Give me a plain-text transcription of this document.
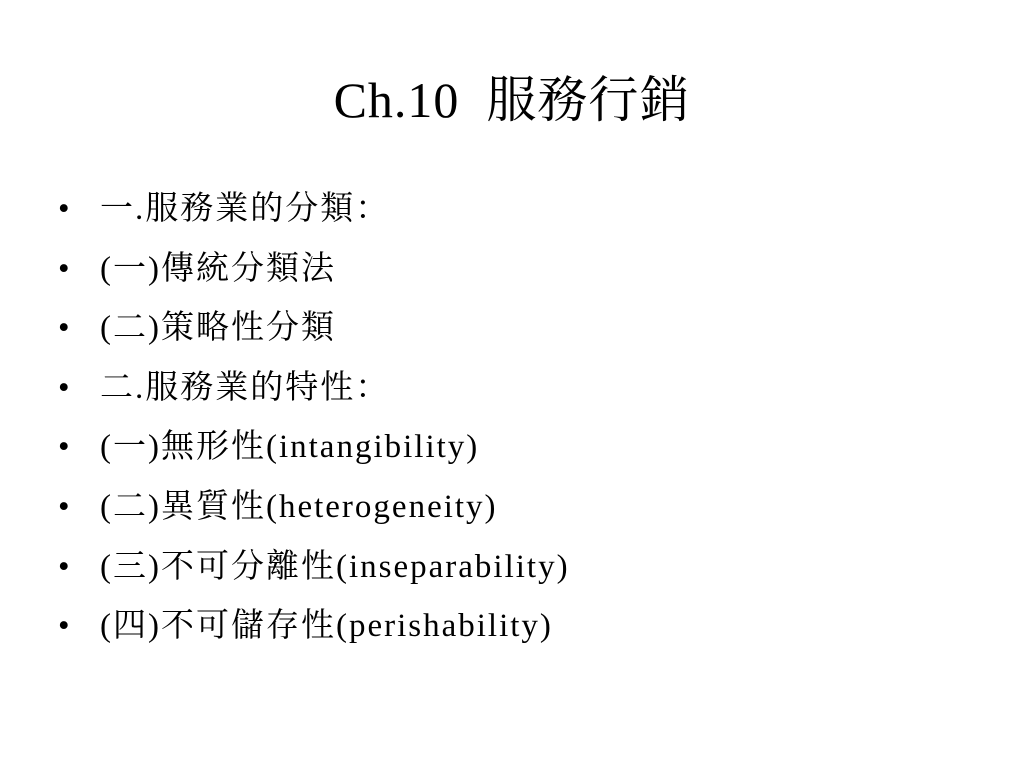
Ch.10  服務行銷
• 一.服務業的分類：
• (一)傳統分類法
• (二)策略性分類
• 二.服務業的特性：
• (一)無形性(intangibility)
• (二)異質性(heterogeneity)
• (三)不可分離性(inseparability)
• (四)不可儲存性(perishability)
